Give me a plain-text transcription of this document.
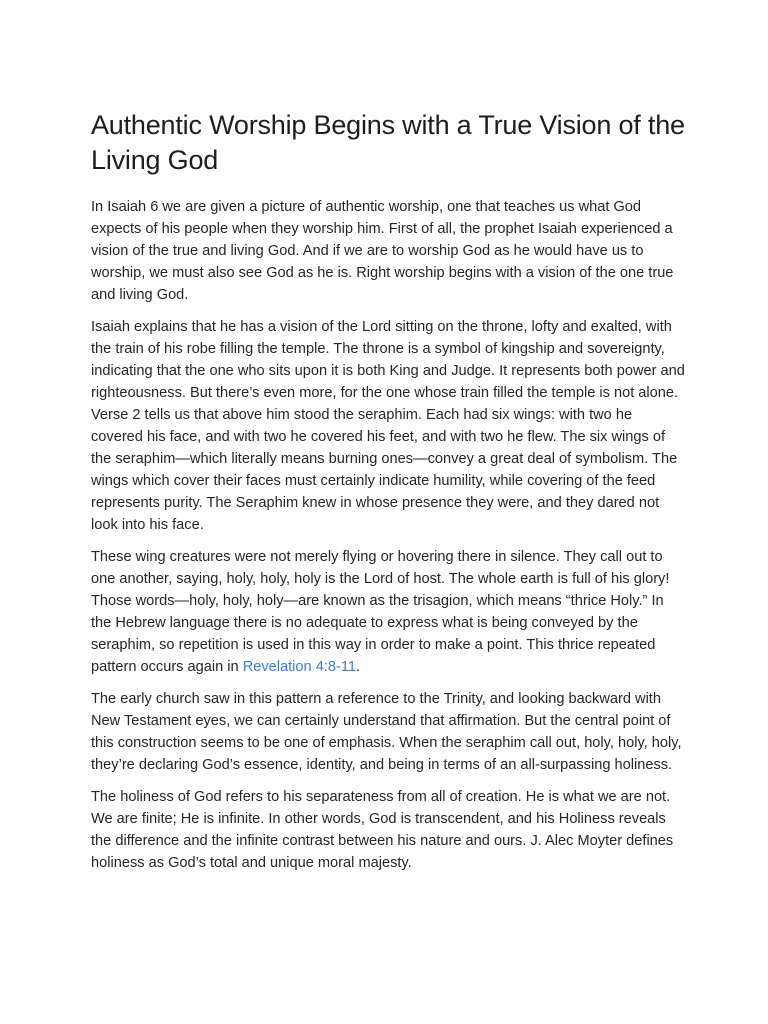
Authentic Worship Begins with a True Vision of the Living God

In Isaiah 6 we are given a picture of authentic worship, one that teaches us what God expects of his people when they worship him. First of all, the prophet Isaiah experienced a vision of the true and living God. And if we are to worship God as he would have us to worship, we must also see God as he is. Right worship begins with a vision of the one true and living God.

Isaiah explains that he has a vision of the Lord sitting on the throne, lofty and exalted, with the train of his robe filling the temple. The throne is a symbol of kingship and sovereignty, indicating that the one who sits upon it is both King and Judge. It represents both power and righteousness. But there’s even more, for the one whose train filled the temple is not alone. Verse 2 tells us that above him stood the seraphim. Each had six wings: with two he covered his face, and with two he covered his feet, and with two he flew. The six wings of the seraphim—which literally means burning ones—convey a great deal of symbolism. The wings which cover their faces must certainly indicate humility, while covering of the feed represents purity. The Seraphim knew in whose presence they were, and they dared not look into his face.

These wing creatures were not merely flying or hovering there in silence. They call out to one another, saying, holy, holy, holy is the Lord of host. The whole earth is full of his glory! Those words—holy, holy, holy—are known as the trisagion, which means “thrice Holy.” In the Hebrew language there is no adequate to express what is being conveyed by the seraphim, so repetition is used in this way in order to make a point. This thrice repeated pattern occurs again in Revelation 4:8-11.

The early church saw in this pattern a reference to the Trinity, and looking backward with New Testament eyes, we can certainly understand that affirmation. But the central point of this construction seems to be one of emphasis. When the seraphim call out, holy, holy, holy, they’re declaring God’s essence, identity, and being in terms of an all-surpassing holiness.

The holiness of God refers to his separateness from all of creation. He is what we are not. We are finite; He is infinite. In other words, God is transcendent, and his Holiness reveals the difference and the infinite contrast between his nature and ours. J. Alec Moyter defines holiness as God’s total and unique moral majesty.
